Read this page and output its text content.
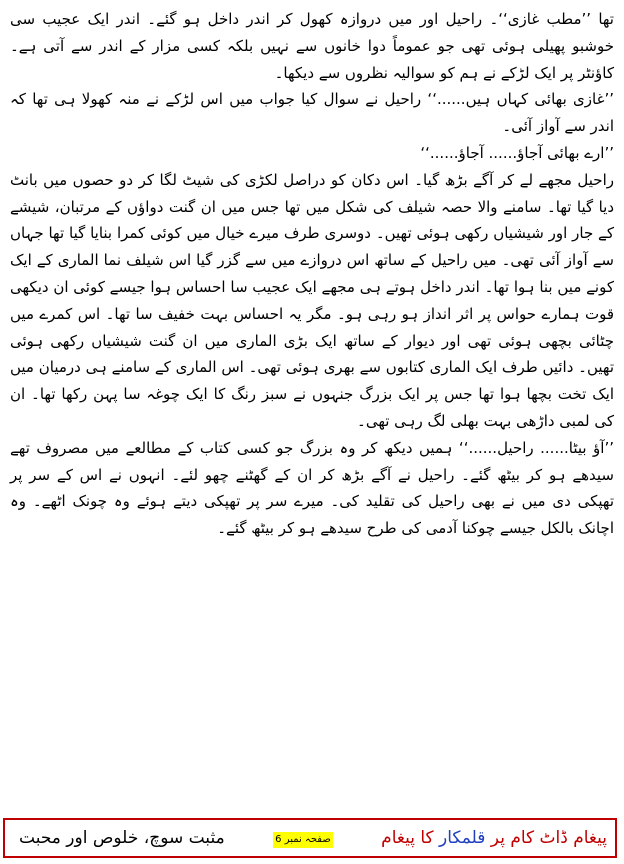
تھا ’’مطب غازی‘‘۔ راحیل اور میں دروازہ کھول کر اندر داخل ہو گئے۔ اندر ایک عجیب سی خوشبو پھیلی ہوئی تھی جو عموماً دوا خانوں سے نہیں بلکہ کسی مزار کے اندر سے آتی ہے۔ کاؤنٹر پر ایک لڑکے نے ہم کو سوالیہ نظروں سے دیکھا۔

’’غازی بھائی کہاں ہیں......‘‘ راحیل نے سوال کیا جواب میں اس لڑکے نے منہ کھولا ہی تھا کہ اندر سے آواز آئی۔

’’ارے بھائی آجاؤ...... آجاؤ......‘‘

راحیل مجھے لے کر آگے بڑھ گیا۔ اس دکان کو دراصل لکڑی کی شیٹ لگا کر دو حصوں میں بانٹ دیا گیا تھا۔ سامنے والا حصہ شیلف کی شکل میں تھا جس میں ان گنت دواؤں کے مرتبان، شیشے کے جار اور شیشیاں رکھی ہوئی تھیں۔ دوسری طرف میرے خیال میں کوئی کمرا بنایا گیا تھا جہاں سے آواز آئی تھی۔ میں راحیل کے ساتھ اس دروازے میں سے گزر گیا اس شیلف نما الماری کے ایک کونے میں بنا ہوا تھا۔ اندر داخل ہوتے ہی مجھے ایک عجیب سا احساس ہوا جیسے کوئی ان دیکھی قوت ہمارے حواس پر اثر انداز ہو رہی ہو۔ مگر یہ احساس بہت خفیف سا تھا۔ اس کمرے میں چٹائی بچھی ہوئی تھی اور دیوار کے ساتھ ایک بڑی الماری میں ان گنت شیشیاں رکھی ہوئی تھیں۔ دائیں طرف ایک الماری کتابوں سے بھری ہوئی تھی۔ اس الماری کے سامنے ہی درمیان میں ایک تخت بچھا ہوا تھا جس پر ایک بزرگ جنہوں نے سبز رنگ کا ایک چوغہ سا پہن رکھا تھا۔ ان کی لمبی داڑھی بہت بھلی لگ رہی تھی۔

’’آؤ بیٹا...... راحیل......‘‘ ہمیں دیکھ کر وہ بزرگ جو کسی کتاب کے مطالعے میں مصروف تھے سیدھے ہو کر بیٹھ گئے۔ راحیل نے آگے بڑھ کر ان کے گھٹنے چھو لئے۔ انہوں نے اس کے سر پر تھپکی دی میں نے بھی راحیل کی تقلید کی۔ میرے سر پر تھپکی دیتے ہوئے وہ چونک اٹھے۔ وہ اچانک بالکل جیسے چوکنا آدمی کی طرح سیدھے ہو کر بیٹھ گئے۔

پیغام ڈاٹ کام پر قلمکار کا پیغام
صفحہ نمبر 6
مثبت سوچ، خلوص اور محبت
